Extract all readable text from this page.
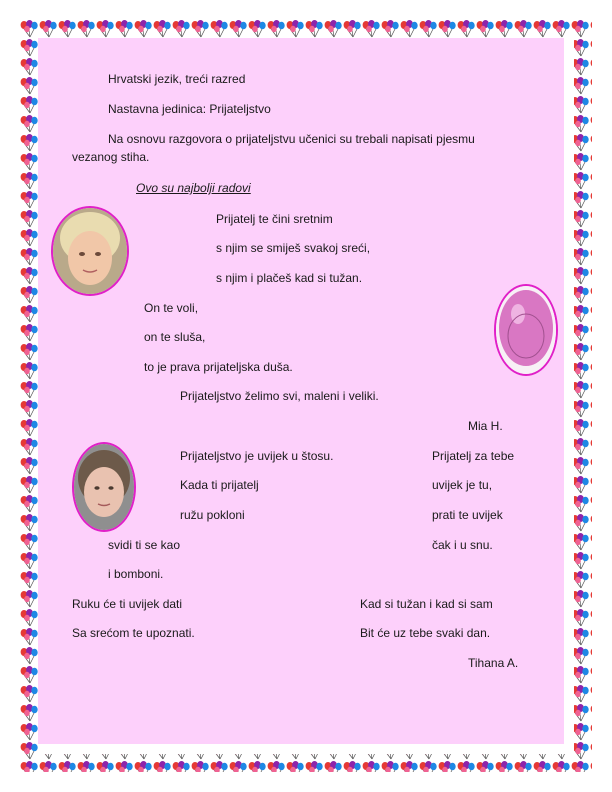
Hrvatski jezik, treći razred
Nastavna jedinica: Prijateljstvo
Na osnovu razgovora o prijateljstvu učenici su trebali napisati pjesmu
vezanog stiha.
Ovo su najbolji radovi
Prijatelj te čini sretnim
s njim se smiješ svakoj sreći,
s njim i plačeš kad si tužan.
On te voli,
on te sluša,
to je prava prijateljska duša.
Prijateljstvo želimo svi, maleni i veliki.
Mia H.
Prijateljstvo je uvijek u štosu.
Kada ti prijatelj
ružu pokloni
svidi ti se kao
i bomboni.
Ruku će ti uvijek dati
Sa srećom te upoznati.
Prijatelj za tebe
uvijek je tu,
prati te uvijek
čak i u snu.
Kad si tužan i kad si sam
Bit će uz tebe svaki dan.
Tihana A.
